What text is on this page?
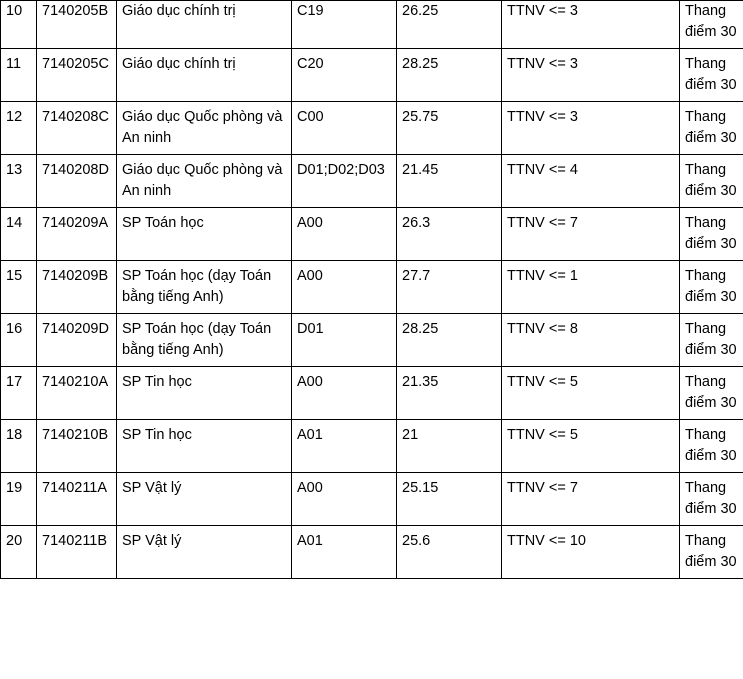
10	7140205B	Giáo dục chính trị	C19	26.25	TTNV <= 3	Thang điểm 30
11	7140205C	Giáo dục chính trị	C20	28.25	TTNV <= 3	Thang điểm 30
12	7140208C	Giáo dục Quốc phòng và An ninh	C00	25.75	TTNV <= 3	Thang điểm 30
13	7140208D	Giáo dục Quốc phòng và An ninh	D01;D02;D03	21.45	TTNV <= 4	Thang điểm 30
14	7140209A	SP Toán học	A00	26.3	TTNV <= 7	Thang điểm 30
15	7140209B	SP Toán học (dạy Toán bằng tiếng Anh)	A00	27.7	TTNV <= 1	Thang điểm 30
16	7140209D	SP Toán học (dạy Toán bằng tiếng Anh)	D01	28.25	TTNV <= 8	Thang điểm 30
17	7140210A	SP Tin học	A00	21.35	TTNV <= 5	Thang điểm 30
18	7140210B	SP Tin học	A01	21	TTNV <= 5	Thang điểm 30
19	7140211A	SP Vật lý	A00	25.15	TTNV <= 7	Thang điểm 30
20	7140211B	SP Vật lý	A01	25.6	TTNV <= 10	Thang điểm 30
